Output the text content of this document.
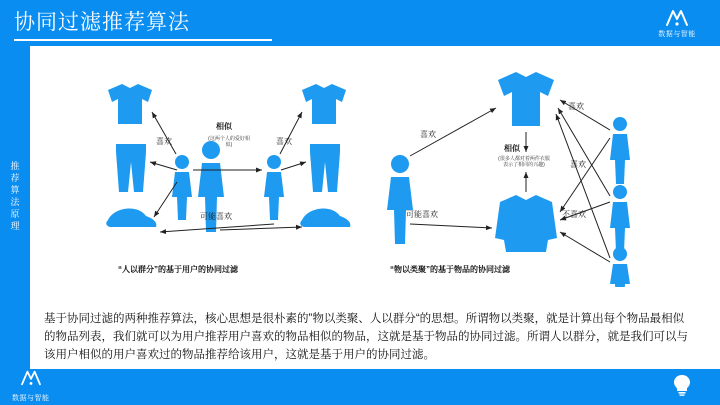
协同过滤推荐算法	数据与智能
推
荐
算
法
原
理
喜欢	喜欢
相似
(这两个人的爱好相似)
可能喜欢
“人以群分”的基于用户的协同过滤
喜欢
相似
(很多人都对着两件衣服表示了相同的兴趣)
可能喜欢
喜欢
喜欢
不喜欢
“物以类聚”的基于物品的协同过滤

基于协同过滤的两种推荐算法，核心思想是很朴素的”物以类聚、人以群分“的思想。所谓物以类聚，就是计算出每个物品最相似的物品列表，我们就可以为用户推荐用户喜欢的物品相似的物品，这就是基于物品的协同过滤。所谓人以群分，就是我们可以与该用户相似的用户喜欢过的物品推荐给该用户，这就是基于用户的协同过滤。

数据与智能
